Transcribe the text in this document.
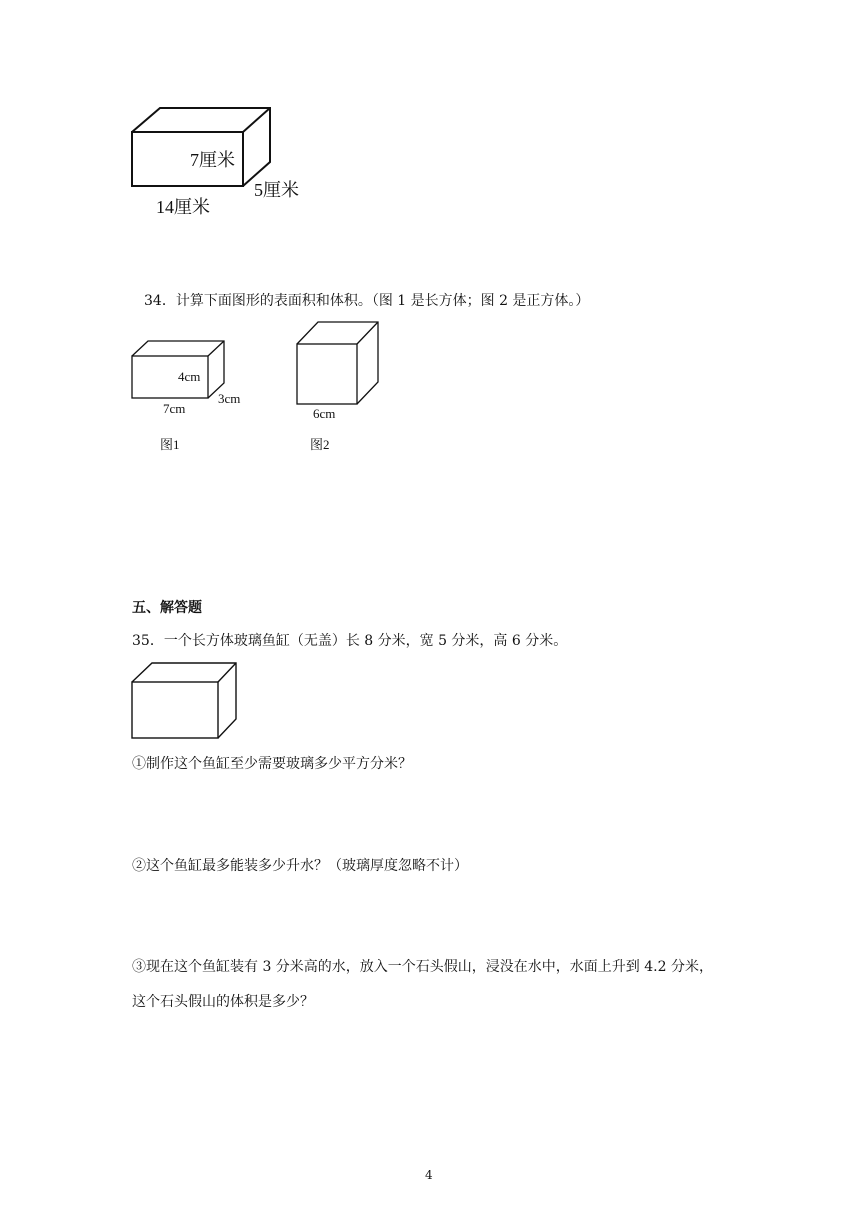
7厘米
5厘米
14厘米
34．计算下面图形的表面积和体积。（图 1 是长方体；图 2 是正方体。）
4cm
3cm
7cm
图1
6cm
图2
五、解答题
35．一个长方体玻璃鱼缸（无盖）长 8 分米，宽 5 分米，高 6 分米。
①制作这个鱼缸至少需要玻璃多少平方分米？
②这个鱼缸最多能装多少升水？（玻璃厚度忽略不计）
③现在这个鱼缸装有 3 分米高的水，放入一个石头假山，浸没在水中，水面上升到 4.2 分米，
这个石头假山的体积是多少？
4
